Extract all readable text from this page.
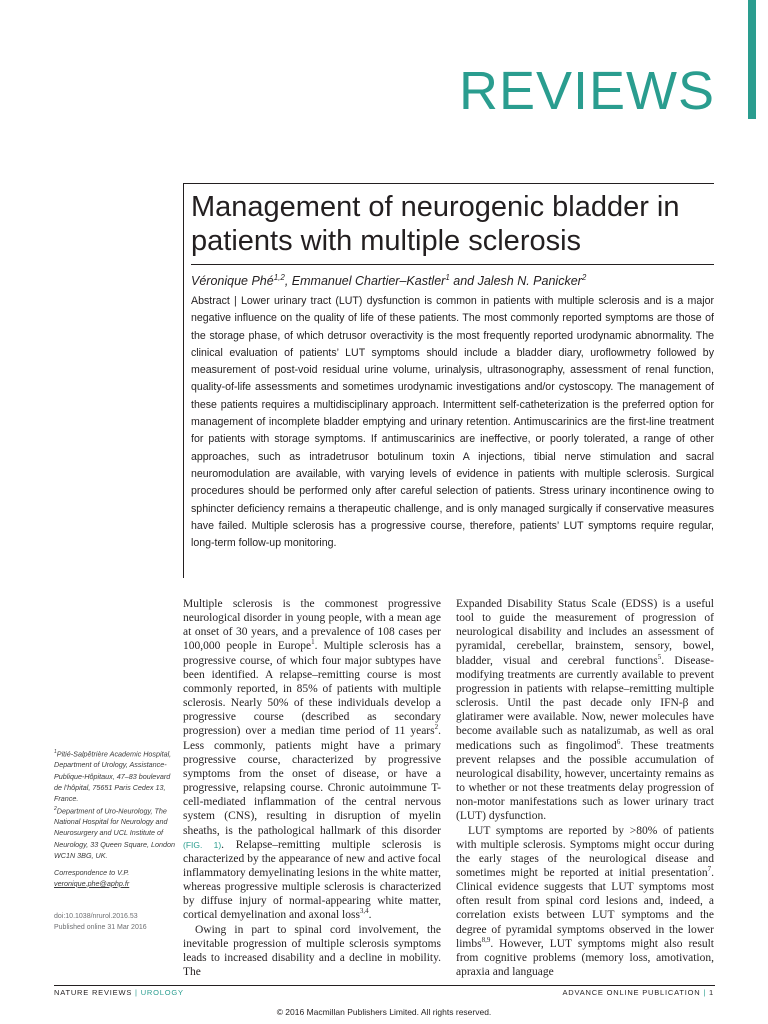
REVIEWS
Management of neurogenic bladder in patients with multiple sclerosis
Véronique Phé$^{1,2}$, Emmanuel Chartier–Kastler$^1$ and Jalesh N. Panicker$^2$

Abstract | Lower urinary tract (LUT) dysfunction is common in patients with multiple sclerosis and is a major negative influence on the quality of life of these patients. The most commonly reported symptoms are those of the storage phase, of which detrusor overactivity is the most frequently reported urodynamic abnormality. The clinical evaluation of patients’ LUT symptoms should include a bladder diary, uroflowmetry followed by measurement of post-void residual urine volume, urinalysis, ultrasonography, assessment of renal function, quality-of-life assessments and sometimes urodynamic investigations and/or cystoscopy. The management of these patients requires a multidisciplinary approach. Intermittent self-catheterization is the preferred option for management of incomplete bladder emptying and urinary retention. Antimuscarinics are the first-line treatment for patients with storage symptoms. If antimuscarinics are ineffective, or poorly tolerated, a range of other approaches, such as intradetrusor botulinum toxin A injections, tibial nerve stimulation and sacral neuromodulation are available, with varying levels of evidence in patients with multiple sclerosis. Surgical procedures should be performed only after careful selection of patients. Stress urinary incontinence owing to sphincter deficiency remains a therapeutic challenge, and is only managed surgically if conservative measures have failed. Multiple sclerosis has a progressive course, therefore, patients’ LUT symptoms require regular, long-term follow-up monitoring.

Multiple sclerosis is the commonest progressive neurological disorder in young people, with a mean age at onset of 30 years, and a prevalence of 108 cases per 100,000 people in Europe$^1$. Multiple sclerosis has a progressive course, of which four major subtypes have been identified. A relapse–remitting course is most commonly reported, in 85% of patients with multiple sclerosis. Nearly 50% of these individuals develop a progressive course (described as secondary progression) over a median time period of 11 years$^2$. Less commonly, patients might have a primary progressive course, characterized by progressive symptoms from the onset of disease, or have a progressive, relapsing course. Chronic autoimmune T-cell-mediated inflammation of the central nervous system (CNS), resulting in disruption of myelin sheaths, is the pathological hallmark of this disorder (FIG. 1). Relapse–remitting multiple sclerosis is characterized by the appearance of new and active focal inflammatory demyelinating lesions in the white matter, whereas progressive multiple sclerosis is characterized by diffuse injury of normal-appearing white matter, cortical demyelination and axonal loss$^{3,4}$.

Owing in part to spinal cord involvement, the inevitable progression of multiple sclerosis symptoms leads to increased disability and a decline in mobility. The

Expanded Disability Status Scale (EDSS) is a useful tool to guide the measurement of progression of neurological disability and includes an assessment of pyramidal, cerebellar, brainstem, sensory, bowel, bladder, visual and cerebral functions$^5$. Disease-modifying treatments are currently available to prevent progression in patients with relapse–remitting multiple sclerosis. Until the past decade only IFN-β and glatiramer were available. Now, newer molecules have become available such as natalizumab, as well as oral medications such as fingolimod$^6$. These treatments prevent relapses and the possible accumulation of neurological disability, however, uncertainty remains as to whether or not these treatments delay progression of non-motor manifestations such as lower urinary tract (LUT) dysfunction.

LUT symptoms are reported by >80% of patients with multiple sclerosis. Symptoms might occur during the early stages of the neurological disease and sometimes might be reported at initial presentation$^7$. Clinical evidence suggests that LUT symptoms most often result from spinal cord lesions and, indeed, a correlation exists between LUT symptoms and the degree of pyramidal symptoms observed in the lower limbs$^{8,9}$. However, LUT symptoms might also result from cognitive problems (memory loss, amotivation, apraxia and language

$^1$Pitié-Salpêtrière Academic Hospital, Department of Urology, Assistance-Publique-Hôpitaux, 47–83 boulevard de l’hôpital, 75651 Paris Cedex 13, France.
$^2$Department of Uro-Neurology, The National Hospital for Neurology and Neurosurgery and UCL Institute of Neurology, 33 Queen Square, London WC1N 3BG, UK.
Correspondence to V.P.
veronique.phe@aphp.fr
doi:10.1038/nrurol.2016.53
Published online 31 Mar 2016
NATURE REVIEWS | UROLOGY	ADVANCE ONLINE PUBLICATION | 1
© 2016 Macmillan Publishers Limited. All rights reserved.
